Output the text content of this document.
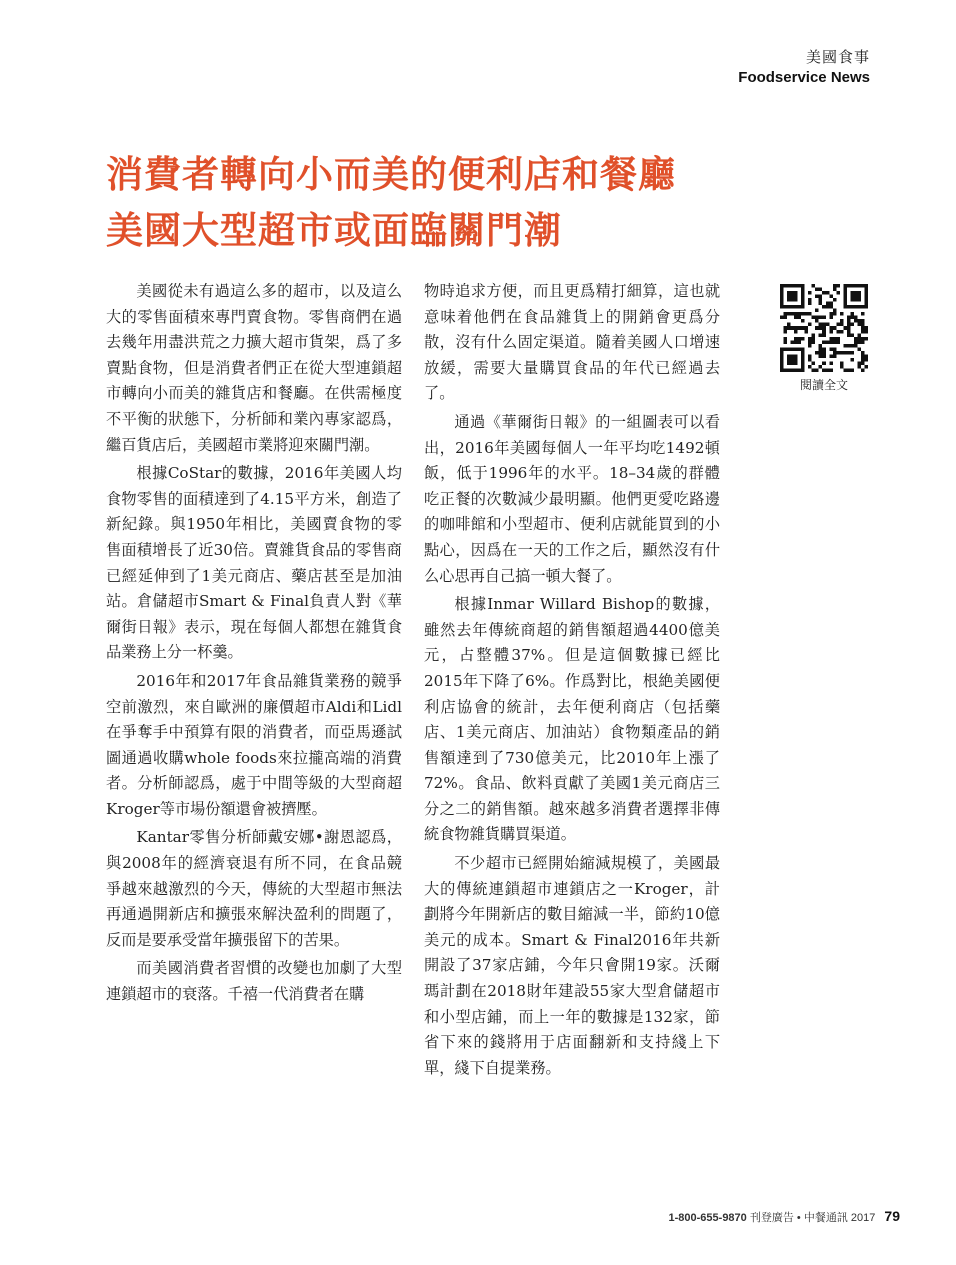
美國食事
Foodservice News
消費者轉向小而美的便利店和餐廳
美國大型超市或面臨關門潮

美國從未有過這么多的超市，以及這么大的零售面積來專門賣食物。零售商們在過去幾年用盡洪荒之力擴大超市貨架，爲了多賣點食物，但是消費者們正在從大型連鎖超市轉向小而美的雜貨店和餐廳。在供需極度不平衡的狀態下，分析師和業內專家認爲，繼百貨店后，美國超市業將迎來關門潮。

根據CoStar的數據，2016年美國人均食物零售的面積達到了4.15平方米，創造了新紀錄。與1950年相比，美國賣食物的零售面積增長了近30倍。賣雜貨食品的零售商已經延伸到了1美元商店、藥店甚至是加油站。倉儲超市Smart & Final負責人對《華爾街日報》表示，現在每個人都想在雜貨食品業務上分一杯羹。

2016年和2017年食品雜貨業務的競爭空前激烈，來自歐洲的廉價超市Aldi和Lidl在爭奪手中預算有限的消費者，而亞馬遜試圖通過收購whole foods來拉攏高端的消費者。分析師認爲，處于中間等級的大型商超Kroger等市場份額還會被擠壓。

Kantar零售分析師戴安娜•謝恩認爲，與2008年的經濟衰退有所不同，在食品競爭越來越激烈的今天，傳統的大型超市無法再通過開新店和擴張來解決盈利的問題了，反而是要承受當年擴張留下的苦果。

而美國消費者習慣的改變也加劇了大型連鎖超市的衰落。千禧一代消費者在購

物時追求方便，而且更爲精打細算，這也就意味着他們在食品雜貨上的開銷會更爲分散，沒有什么固定渠道。隨着美國人口增速放緩，需要大量購買食品的年代已經過去了。

通過《華爾街日報》的一組圖表可以看出，2016年美國每個人一年平均吃1492頓飯，低于1996年的水平。18–34歲的群體吃正餐的次數減少最明顯。他們更愛吃路邊的咖啡館和小型超市、便利店就能買到的小點心，因爲在一天的工作之后，顯然沒有什么心思再自己搞一頓大餐了。

根據Inmar Willard Bishop的數據，雖然去年傳統商超的銷售額超過4400億美元，占整體37%。但是這個數據已經比2015年下降了6%。作爲對比，根絶美國便利店協會的統計，去年便利商店（包括藥店、1美元商店、加油站）食物類產品的銷售額達到了730億美元，比2010年上漲了72%。食品、飲料貢獻了美國1美元商店三分之二的銷售額。越來越多消費者選擇非傳統食物雜貨購買渠道。

不少超市已經開始縮減規模了，美國最大的傳統連鎖超市連鎖店之一Kroger，計劃將今年開新店的數目縮減一半，節約10億美元的成本。Smart & Final2016年共新開設了37家店鋪，今年只會開19家。沃爾瑪計劃在2018財年建設55家大型倉儲超市和小型店鋪，而上一年的數據是132家，節省下來的錢將用于店面翻新和支持綫上下單，綫下自提業務。

閱讀全文
1-800-655-9870 刊登廣告 • 中餐通訊 2017 79
